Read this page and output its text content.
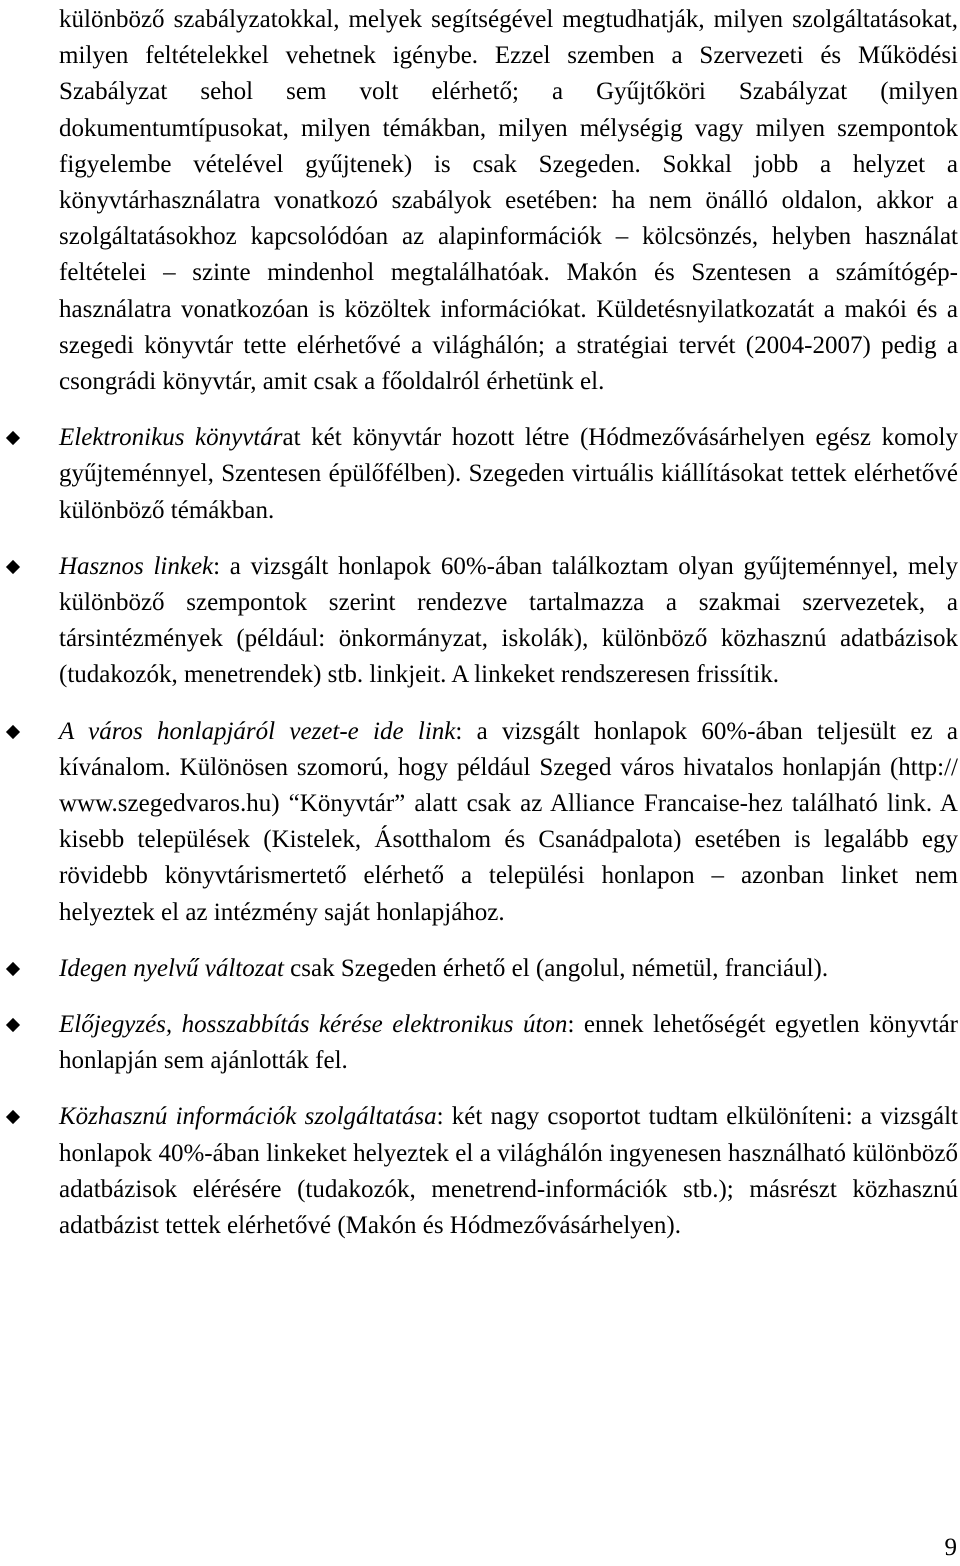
különböző szabályzatokkal, melyek segítségével megtudhatják, milyen szolgáltatásokat, milyen feltételekkel vehetnek igénybe. Ezzel szemben a Szervezeti és Működési Szabályzat sehol sem volt elérhető; a Gyűjtőköri Szabályzat (milyen dokumentumtípusokat, milyen témákban, milyen mélységig vagy milyen szempontok figyelembe vételével gyűjtenek) is csak Szegeden. Sokkal jobb a helyzet a könyvtárhasználatra vonatkozó szabályok esetében: ha nem önálló oldalon, akkor a szolgáltatásokhoz kapcsolódóan az alapinformációk – kölcsönzés, helyben használat feltételei – szinte mindenhol megtalálhatóak. Makón és Szentesen a számítógép-használatra vonatkozóan is közöltek információkat. Küldetésnyilatkozatát a makói és a szegedi könyvtár tette elérhetővé a világhálón; a stratégiai tervét (2004-2007) pedig a csongrádi könyvtár, amit csak a főoldalról érhetünk el.

Elektronikus könyvtárat két könyvtár hozott létre (Hódmezővásárhelyen egész komoly gyűjteménnyel, Szentesen épülőfélben). Szegeden virtuális kiállításokat tettek elérhetővé különböző témákban.
Hasznos linkek: a vizsgált honlapok 60%-ában találkoztam olyan gyűjteménnyel, mely különböző szempontok szerint rendezve tartalmazza a szakmai szervezetek, a társintézmények (például: önkormányzat, iskolák), különböző közhasznú adatbázisok (tudakozók, menetrendek) stb. linkjeit. A linkeket rendszeresen frissítik.
A város honlapjáról vezet-e ide link: a vizsgált honlapok 60%-ában teljesült ez a kívánalom. Különösen szomorú, hogy például Szeged város hivatalos honlapján (http:// www.szegedvaros.hu) “Könyvtár” alatt csak az Alliance Francaise-hez található link. A kisebb települések (Kistelek, Ásotthalom és Csanádpalota) esetében is legalább egy rövidebb könyvtárismertető elérhető a települési honlapon – azonban linket nem helyeztek el az intézmény saját honlapjához.
Idegen nyelvű változat csak Szegeden érhető el (angolul, németül, franciául).
Előjegyzés, hosszabbítás kérése elektronikus úton: ennek lehetőségét egyetlen könyvtár honlapján sem ajánlották fel.
Közhasznú információk szolgáltatása: két nagy csoportot tudtam elkülöníteni: a vizsgált honlapok 40%-ában linkeket helyeztek el a világhálón ingyenesen használható különböző adatbázisok elérésére (tudakozók, menetrend-információk stb.); másrészt közhasznú adatbázist tettek elérhetővé (Makón és Hódmezővásárhelyen).
9
